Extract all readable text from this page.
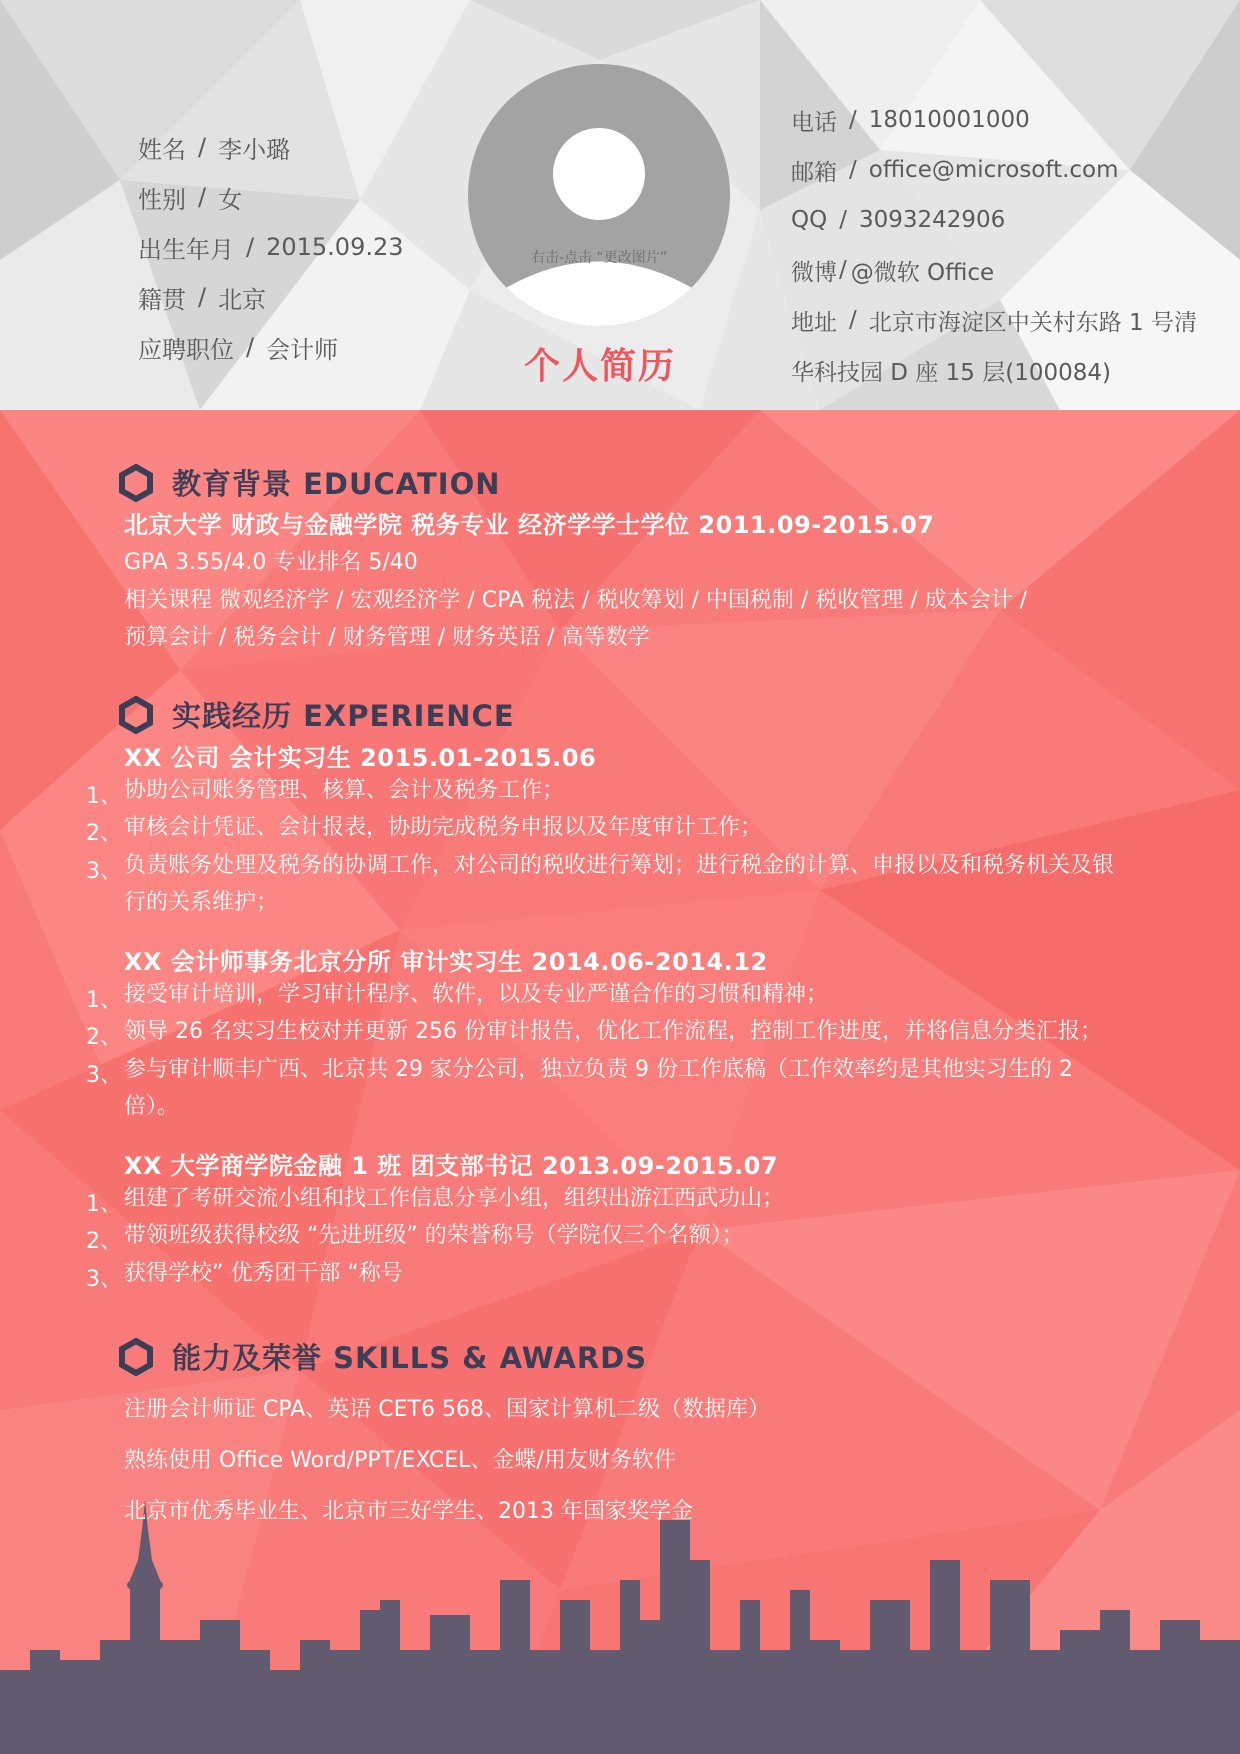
姓名 / 李小璐
性别 / 女
出生年月 / 2015.09.23
籍贯 / 北京
应聘职位 / 会计师
右击-点击 “更改图片”
个人简历
电话 / 18010001000
邮箱 / office@microsoft.com
QQ / 3093242906
微博 / @微软 Office
地址 / 北京市海淀区中关村东路 1 号清
华科技园 D 座 15 层(100084)
教育背景 EDUCATION
北京大学 财政与金融学院 税务专业 经济学学士学位 2011.09-2015.07
GPA 3.55/4.0 专业排名 5/40
相关课程 微观经济学 / 宏观经济学 / CPA 税法 / 税收筹划 / 中国税制 / 税收管理 / 成本会计 /
预算会计 / 税务会计 / 财务管理 / 财务英语 / 高等数学
实践经历 EXPERIENCE
XX 公司 会计实习生 2015.01-2015.06
1、 协助公司账务管理、核算、会计及税务工作；
2、 审核会计凭证、会计报表，协助完成税务申报以及年度审计工作；
3、 负责账务处理及税务的协调工作，对公司的税收进行筹划；进行税金的计算、申报以及和税务机关及银行的关系维护；
XX 会计师事务北京分所 审计实习生 2014.06-2014.12
1、 接受审计培训，学习审计程序、软件，以及专业严谨合作的习惯和精神；
2、 领导 26 名实习生校对并更新 256 份审计报告，优化工作流程，控制工作进度，并将信息分类汇报；
3、 参与审计顺丰广西、北京共 29 家分公司，独立负责 9 份工作底稿（工作效率约是其他实习生的 2 倍）。
XX 大学商学院金融 1 班 团支部书记 2013.09-2015.07
1、 组建了考研交流小组和找工作信息分享小组，组织出游江西武功山；
2、 带领班级获得校级 “先进班级” 的荣誉称号（学院仅三个名额）；
3、 获得学校” 优秀团干部 “称号
能力及荣誉 SKILLS & AWARDS
注册会计师证 CPA、英语 CET6 568、国家计算机二级（数据库）
熟练使用 Office Word/PPT/EXCEL、金蝶/用友财务软件
北京市优秀毕业生、北京市三好学生、2013 年国家奖学金
